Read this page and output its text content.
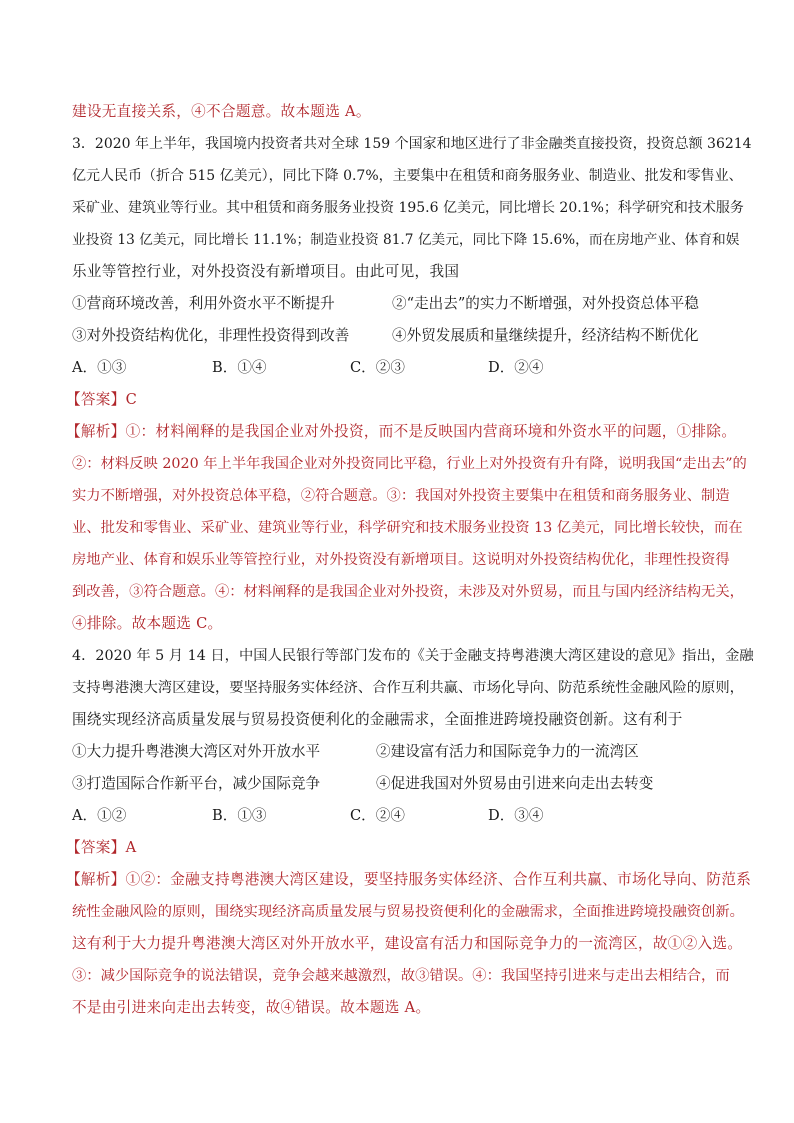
建设无直接关系，④不合题意。故本题选 A。
3．2020 年上半年，我国境内投资者共对全球 159 个国家和地区进行了非金融类直接投资，投资总额 36214
亿元人民币（折合 515 亿美元），同比下降 0.7%，主要集中在租赁和商务服务业、制造业、批发和零售业、
采矿业、建筑业等行业。其中租赁和商务服务业投资 195.6 亿美元，同比增长 20.1%；科学研究和技术服务
业投资 13 亿美元，同比增长 11.1%；制造业投资 81.7 亿美元，同比下降 15.6%，而在房地产业、体育和娱
乐业等管控行业，对外投资没有新增项目。由此可见，我国
①营商环境改善，利用外资水平不断提升	②“走出去”的实力不断增强，对外投资总体平稳
③对外投资结构优化，非理性投资得到改善	④外贸发展质和量继续提升，经济结构不断优化
A．①③	B．①④	C．②③	D．②④
【答案】C
【解析】①：材料阐释的是我国企业对外投资，而不是反映国内营商环境和外资水平的问题，①排除。
②：材料反映 2020 年上半年我国企业对外投资同比平稳，行业上对外投资有升有降，说明我国“走出去”的
实力不断增强，对外投资总体平稳，②符合题意。③：我国对外投资主要集中在租赁和商务服务业、制造
业、批发和零售业、采矿业、建筑业等行业，科学研究和技术服务业投资 13 亿美元，同比增长较快，而在
房地产业、体育和娱乐业等管控行业，对外投资没有新增项目。这说明对外投资结构优化，非理性投资得
到改善，③符合题意。④：材料阐释的是我国企业对外投资，未涉及对外贸易，而且与国内经济结构无关，
④排除。故本题选 C。
4．2020 年 5 月 14 日，中国人民银行等部门发布的《关于金融支持粤港澳大湾区建设的意见》指出，金融
支持粤港澳大湾区建设，要坚持服务实体经济、合作互利共赢、市场化导向、防范系统性金融风险的原则，
围绕实现经济高质量发展与贸易投资便利化的金融需求，全面推进跨境投融资创新。这有利于
①大力提升粤港澳大湾区对外开放水平	②建设富有活力和国际竞争力的一流湾区
③打造国际合作新平台，减少国际竞争	④促进我国对外贸易由引进来向走出去转变
A．①②	B．①③	C．②④	D．③④
【答案】A
【解析】①②：金融支持粤港澳大湾区建设，要坚持服务实体经济、合作互利共赢、市场化导向、防范系
统性金融风险的原则，围绕实现经济高质量发展与贸易投资便利化的金融需求，全面推进跨境投融资创新。
这有利于大力提升粤港澳大湾区对外开放水平，建设富有活力和国际竞争力的一流湾区，故①②入选。
③：减少国际竞争的说法错误，竞争会越来越激烈，故③错误。④：我国坚持引进来与走出去相结合，而
不是由引进来向走出去转变，故④错误。故本题选 A。
